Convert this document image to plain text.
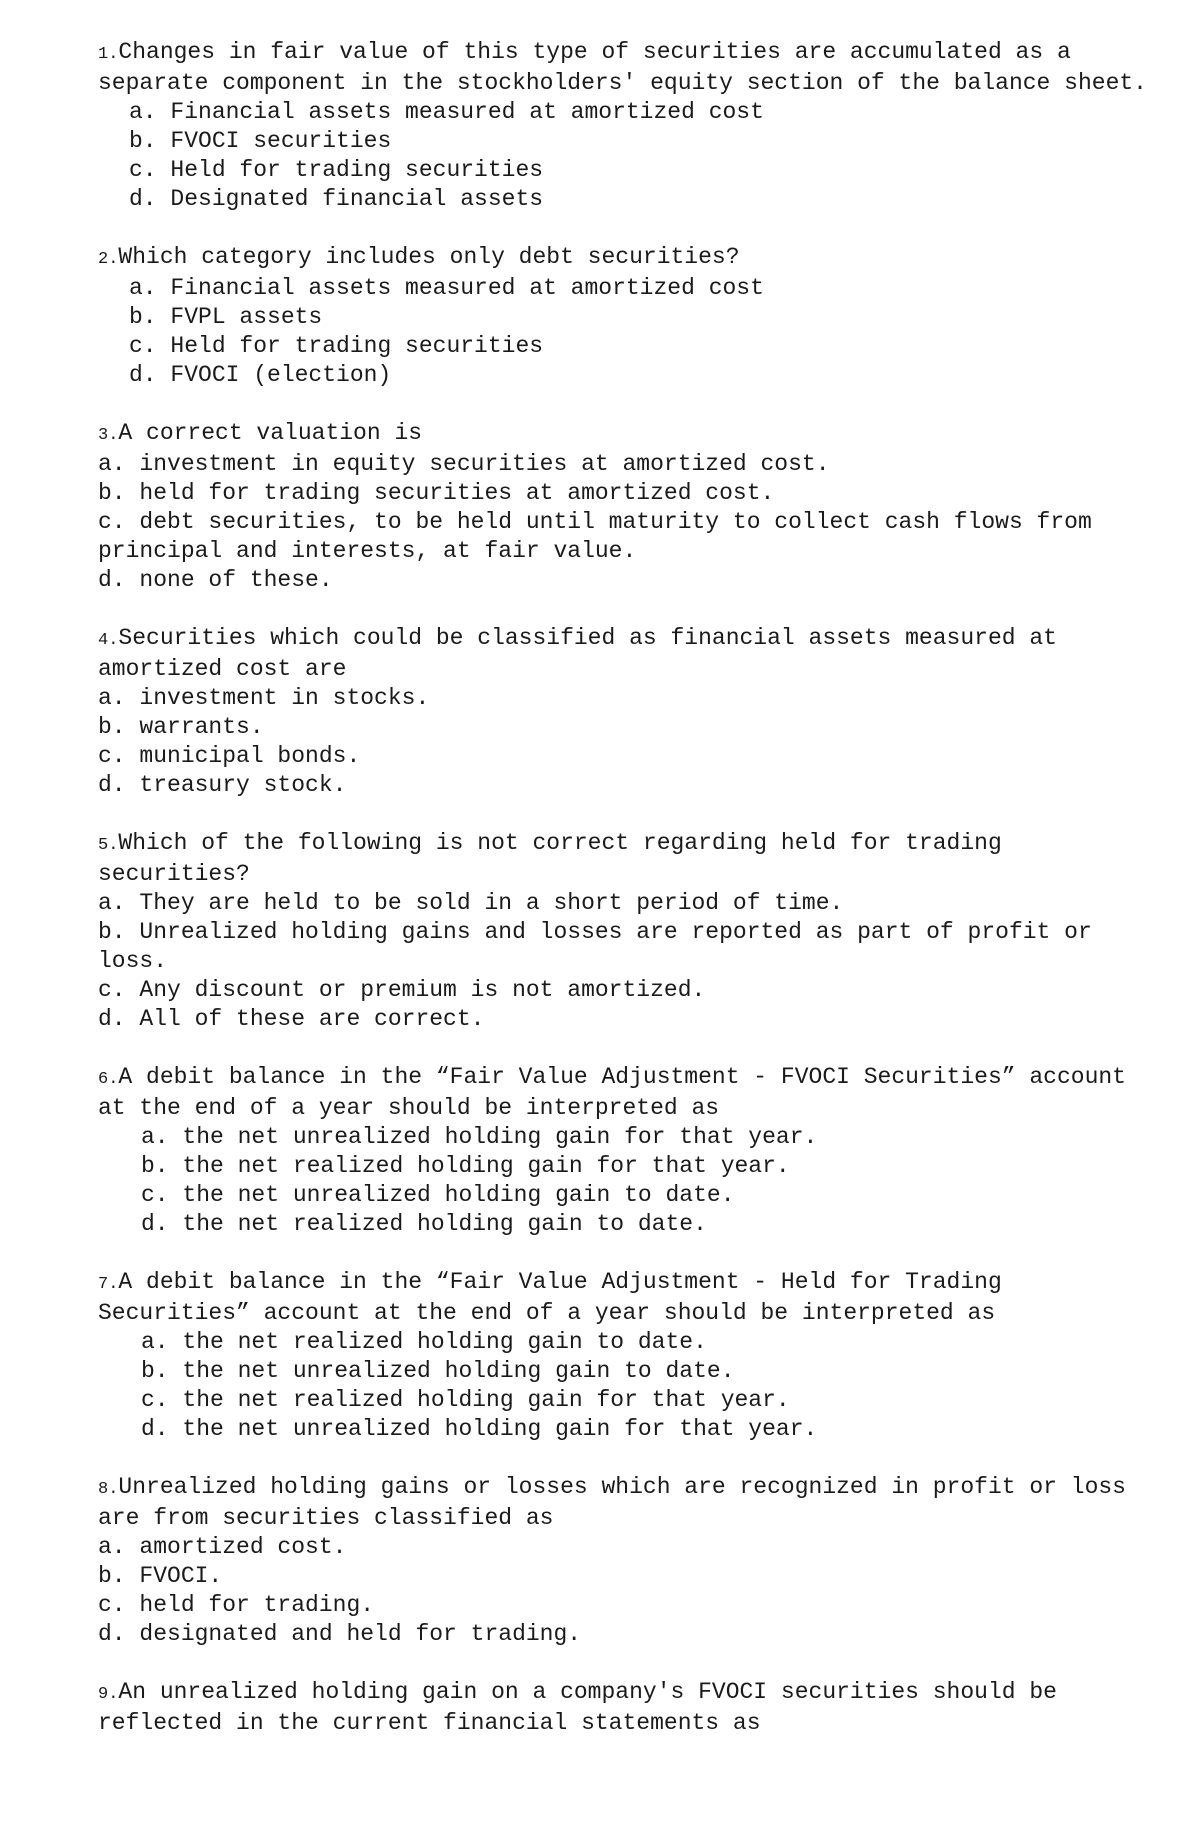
1.Changes in fair value of this type of securities are accumulated as a separate component in the stockholders' equity section of the balance sheet.
a. Financial assets measured at amortized cost
b. FVOCI securities
c. Held for trading securities
d. Designated financial assets
2.Which category includes only debt securities?
a. Financial assets measured at amortized cost
b. FVPL assets
c. Held for trading securities
d. FVOCI (election)
3.A correct valuation is
a. investment in equity securities at amortized cost.
b. held for trading securities at amortized cost.
c. debt securities, to be held until maturity to collect cash flows from principal and interests, at fair value.
d. none of these.
4.Securities which could be classified as financial assets measured at amortized cost are
a. investment in stocks.
b. warrants.
c. municipal bonds.
d. treasury stock.
5.Which of the following is not correct regarding held for trading securities?
a. They are held to be sold in a short period of time.
b. Unrealized holding gains and losses are reported as part of profit or loss.
c. Any discount or premium is not amortized.
d. All of these are correct.
6.A debit balance in the “Fair Value Adjustment - FVOCI Securities” account at the end of a year should be interpreted as
a. the net unrealized holding gain for that year.
b. the net realized holding gain for that year.
c. the net unrealized holding gain to date.
d. the net realized holding gain to date.
7.A debit balance in the “Fair Value Adjustment - Held for Trading Securities” account at the end of a year should be interpreted as
a. the net realized holding gain to date.
b. the net unrealized holding gain to date.
c. the net realized holding gain for that year.
d. the net unrealized holding gain for that year.
8.Unrealized holding gains or losses which are recognized in profit or loss are from securities classified as
a. amortized cost.
b. FVOCI.
c. held for trading.
d. designated and held for trading.
9.An unrealized holding gain on a company's FVOCI securities should be reflected in the current financial statements as
